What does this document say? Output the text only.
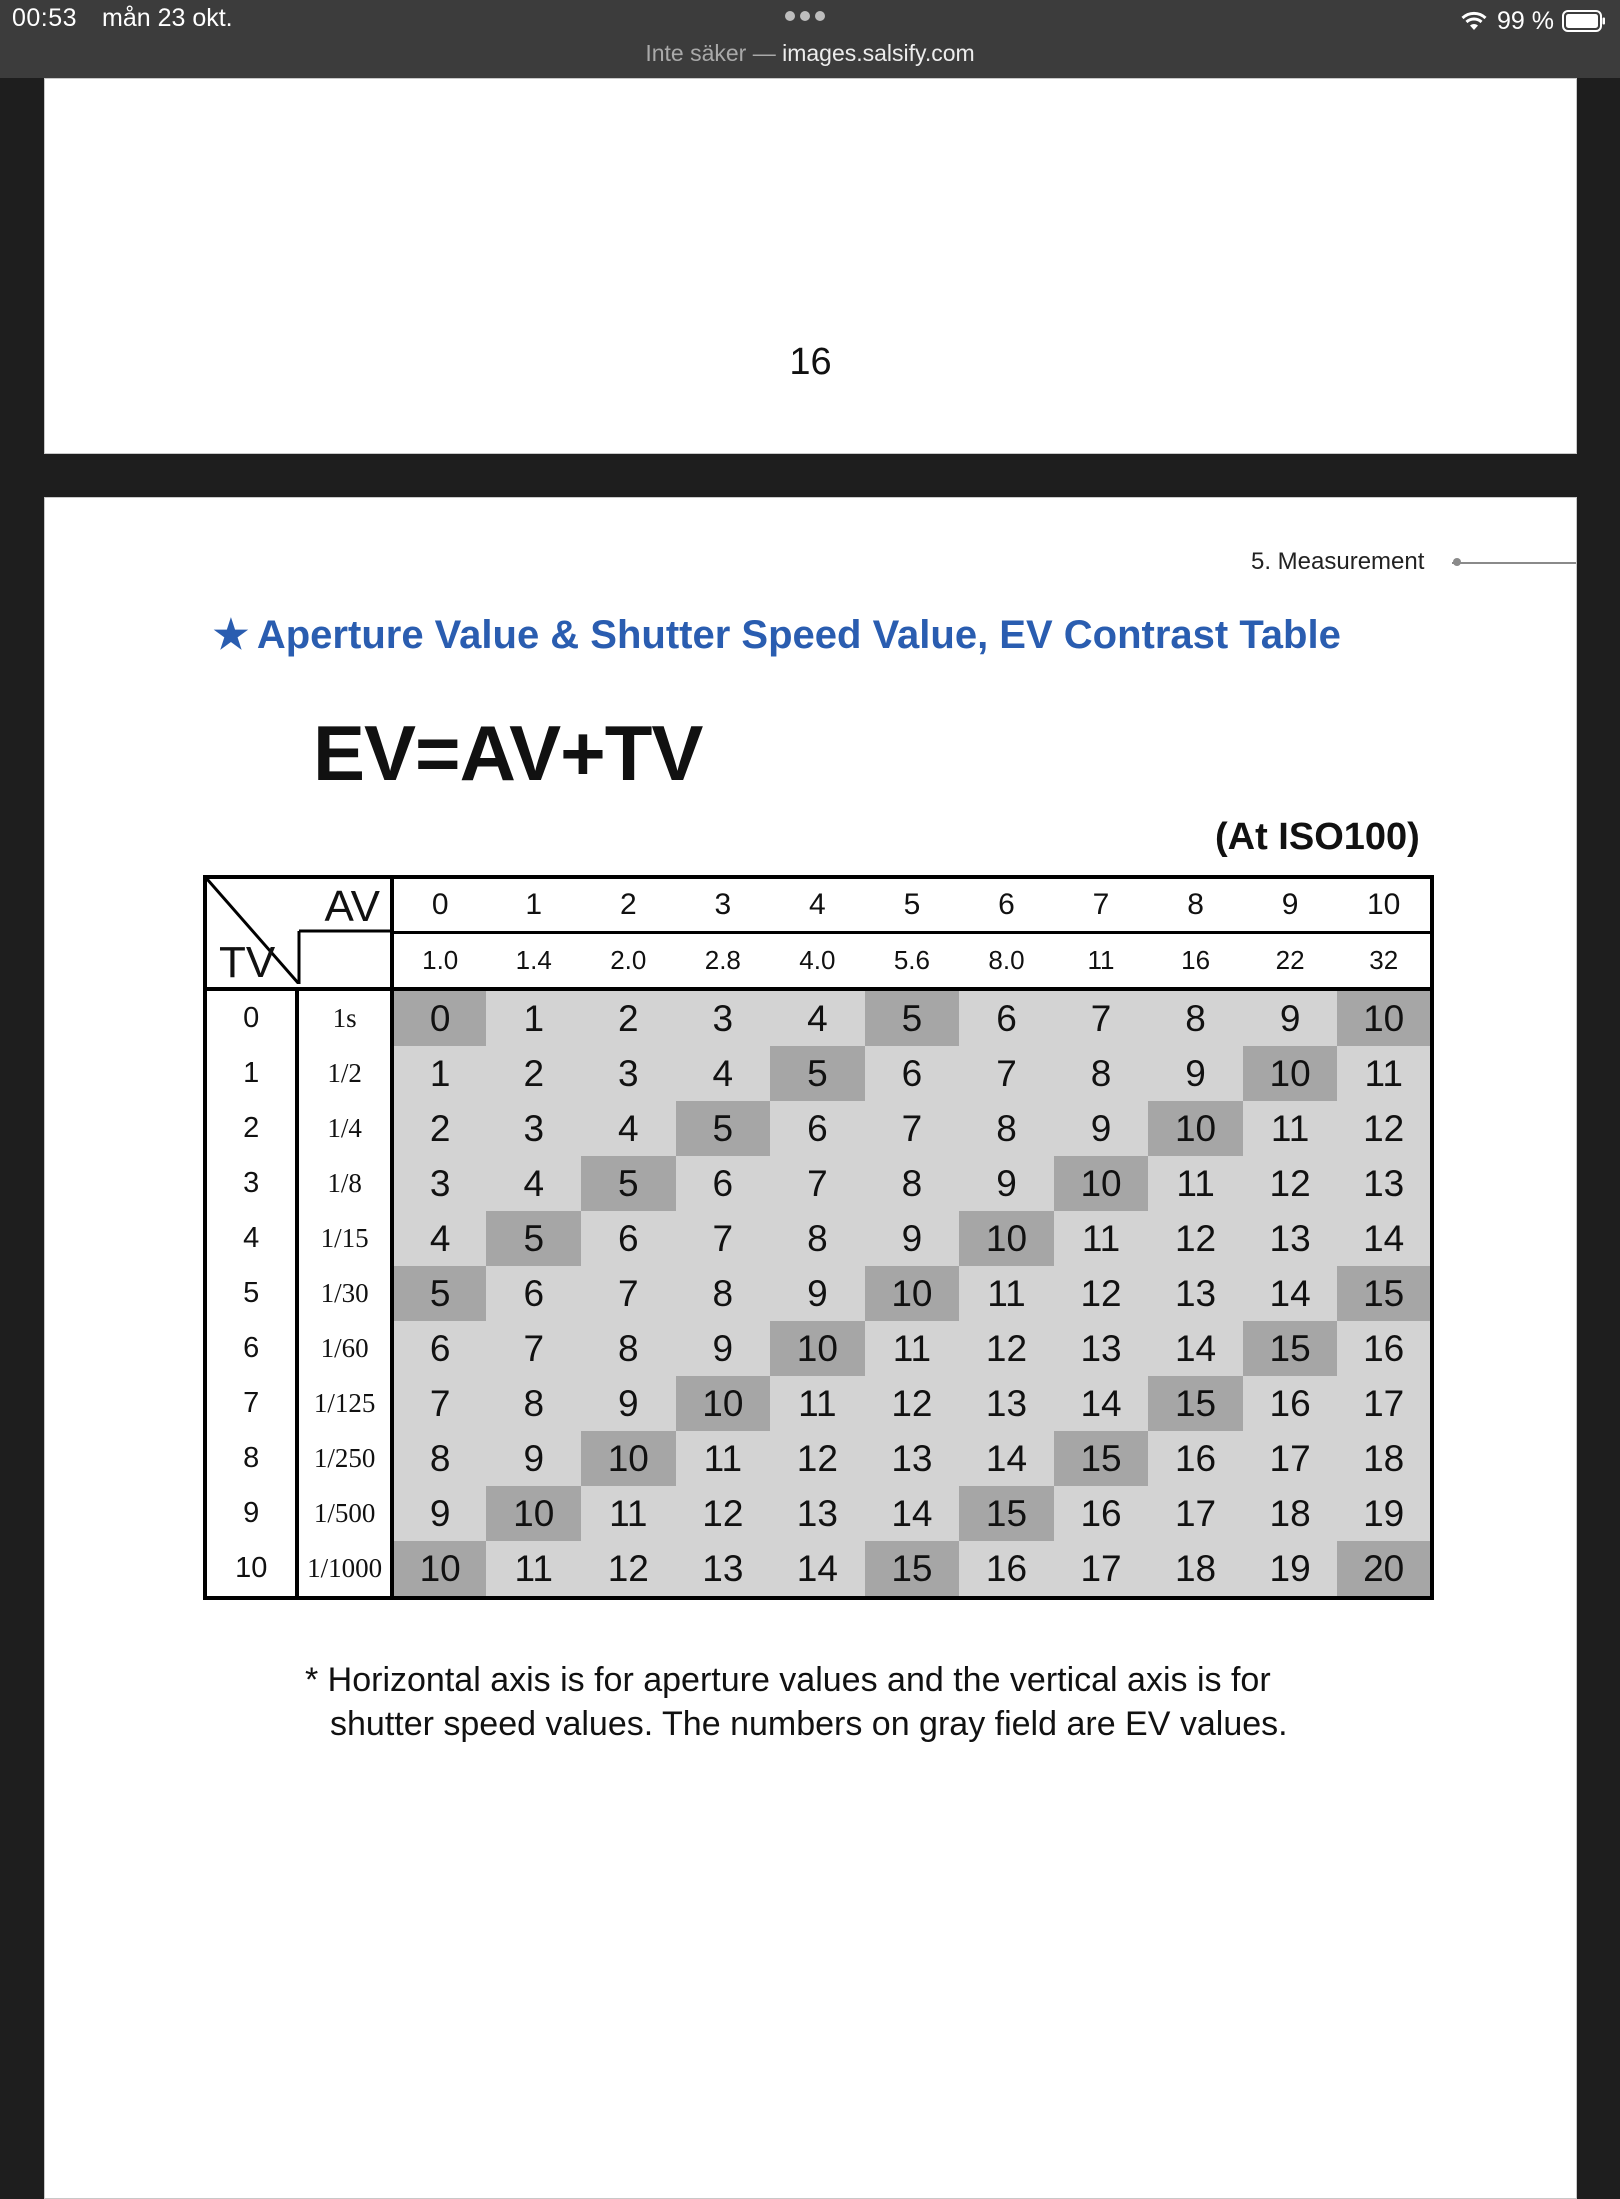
00:53 mån 23 okt.
Inte säker — images.salsify.com
99 %
16
5. Measurement
★ Aperture Value & Shutter Speed Value, EV Contrast Table
EV=AV+TV
(At ISO100)
AV
TV		0	1	2	3	4	5	6	7	8	9	10
		1.0	1.4	2.0	2.8	4.0	5.6	8.0	11	16	22	32
0	1s	0	1	2	3	4	5	6	7	8	9	10
1	1/2	1	2	3	4	5	6	7	8	9	10	11
2	1/4	2	3	4	5	6	7	8	9	10	11	12
3	1/8	3	4	5	6	7	8	9	10	11	12	13
4	1/15	4	5	6	7	8	9	10	11	12	13	14
5	1/30	5	6	7	8	9	10	11	12	13	14	15
6	1/60	6	7	8	9	10	11	12	13	14	15	16
7	1/125	7	8	9	10	11	12	13	14	15	16	17
8	1/250	8	9	10	11	12	13	14	15	16	17	18
9	1/500	9	10	11	12	13	14	15	16	17	18	19
10	1/1000	10	11	12	13	14	15	16	17	18	19	20
* Horizontal axis is for aperture values and the vertical axis is for
shutter speed values. The numbers on gray field are EV values.
